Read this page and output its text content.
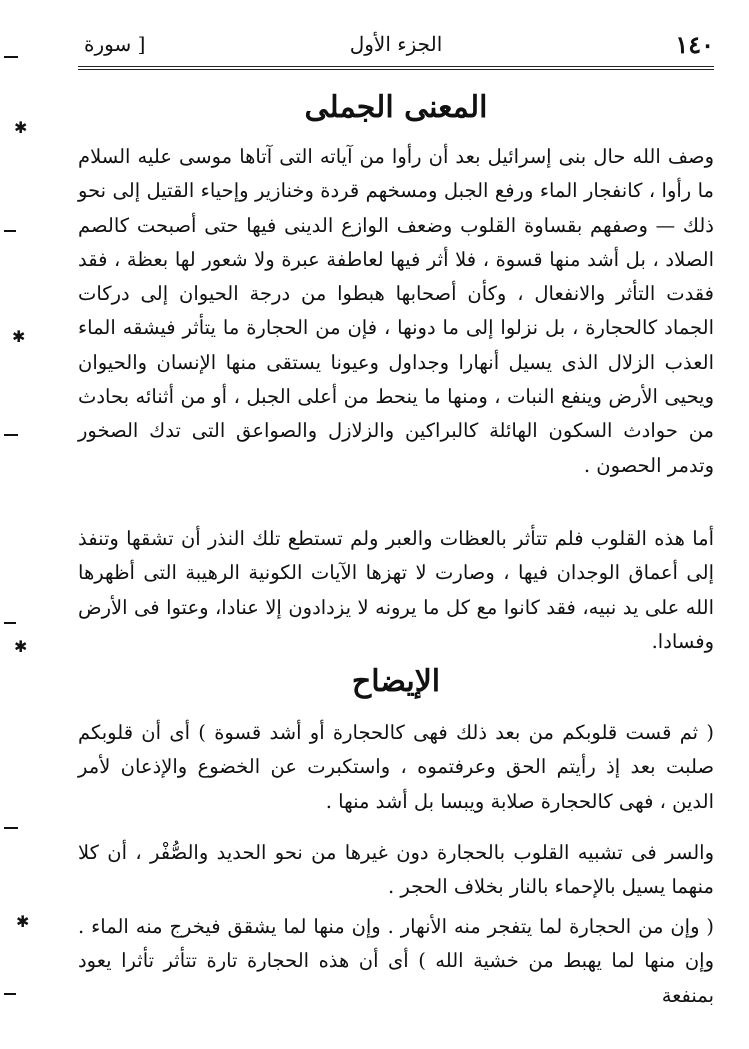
١٤٠
الجزء الأول
[ سورة
المعنى الجملى
وصف الله حال بنى إسرائيل بعد أن رأوا من آياته التى آتاها موسى عليه السلام ما رأوا ، كانفجار الماء ورفع الجبل ومسخهم قردة وخنازير وإحياء القتيل إلى نحو ذلك — وصفهم بقساوة القلوب وضعف الوازع الدينى فيها حتى أصبحت كالصم الصلاد ، بل أشد منها قسوة ، فلا أثر فيها لعاطفة عبرة ولا شعور لها بعظة ، فقد فقدت التأثر والانفعال ، وكأن أصحابها هبطوا من درجة الحيوان إلى دركات الجماد كالحجارة ، بل نزلوا إلى ما دونها ، فإن من الحجارة ما يتأثر فيشقه الماء العذب الزلال الذى يسيل أنهارا وجداول وعيونا يستقى منها الإنسان والحيوان ويحيى الأرض وينفع النبات ، ومنها ما ينحط من أعلى الجبل ، أو من أثنائه بحادث من حوادث السكون الهائلة كالبراكين والزلازل والصواعق التى تدك الصخور وتدمر الحصون .
أما هذه القلوب فلم تتأثر بالعظات والعبر ولم تستطع تلك النذر أن تشقها وتنفذ إلى أعماق الوجدان فيها ، وصارت لا تهزها الآيات الكونية الرهيبة التى أظهرها الله على يد نبيه، فقد كانوا مع كل ما يرونه لا يزدادون إلا عنادا، وعتوا فى الأرض وفسادا.
الإيضاح
( ثم قست قلوبكم من بعد ذلك فهى كالحجارة أو أشد قسوة ) أى أن قلوبكم صلبت بعد إذ رأيتم الحق وعرفتموه ، واستكبرت عن الخضوع والإذعان لأمر الدين ، فهى كالحجارة صلابة ويبسا بل أشد منها .
والسر فى تشبيه القلوب بالحجارة دون غيرها من نحو الحديد والصُّفْر ، أن كلا منهما يسيل بالإحماء بالنار بخلاف الحجر .
( وإن من الحجارة لما يتفجر منه الأنهار . وإن منها لما يشقق فيخرج منه الماء . وإن منها لما يهبط من خشية الله ) أى أن هذه الحجارة تارة تتأثر تأثرا يعود بمنفعة
✱
✱
✱
✱
